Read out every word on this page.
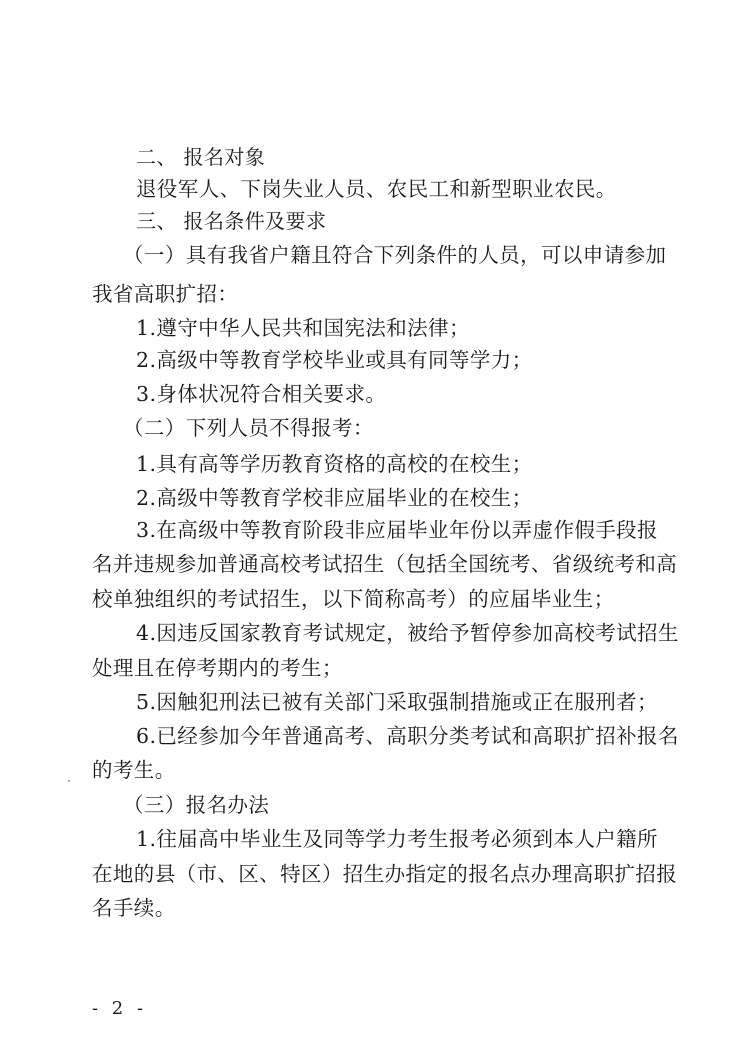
二、 报名对象
退役军人、下岗失业人员、农民工和新型职业农民。
三、 报名条件及要求
（一）具有我省户籍且符合下列条件的人员，可以申请参加
我省高职扩招：
1.遵守中华人民共和国宪法和法律；
2.高级中等教育学校毕业或具有同等学力；
3.身体状况符合相关要求。
（二）下列人员不得报考：
1.具有高等学历教育资格的高校的在校生；
2.高级中等教育学校非应届毕业的在校生；
3.在高级中等教育阶段非应届毕业年份以弄虚作假手段报
名并违规参加普通高校考试招生（包括全国统考、省级统考和高
校单独组织的考试招生，以下简称高考）的应届毕业生；
4.因违反国家教育考试规定，被给予暂停参加高校考试招生
处理且在停考期内的考生；
5.因触犯刑法已被有关部门采取强制措施或正在服刑者；
6.已经参加今年普通高考、高职分类考试和高职扩招补报名
的考生。
（三）报名办法
1.往届高中毕业生及同等学力考生报考必须到本人户籍所
在地的县（市、区、特区）招生办指定的报名点办理高职扩招报
名手续。
- 2 -
